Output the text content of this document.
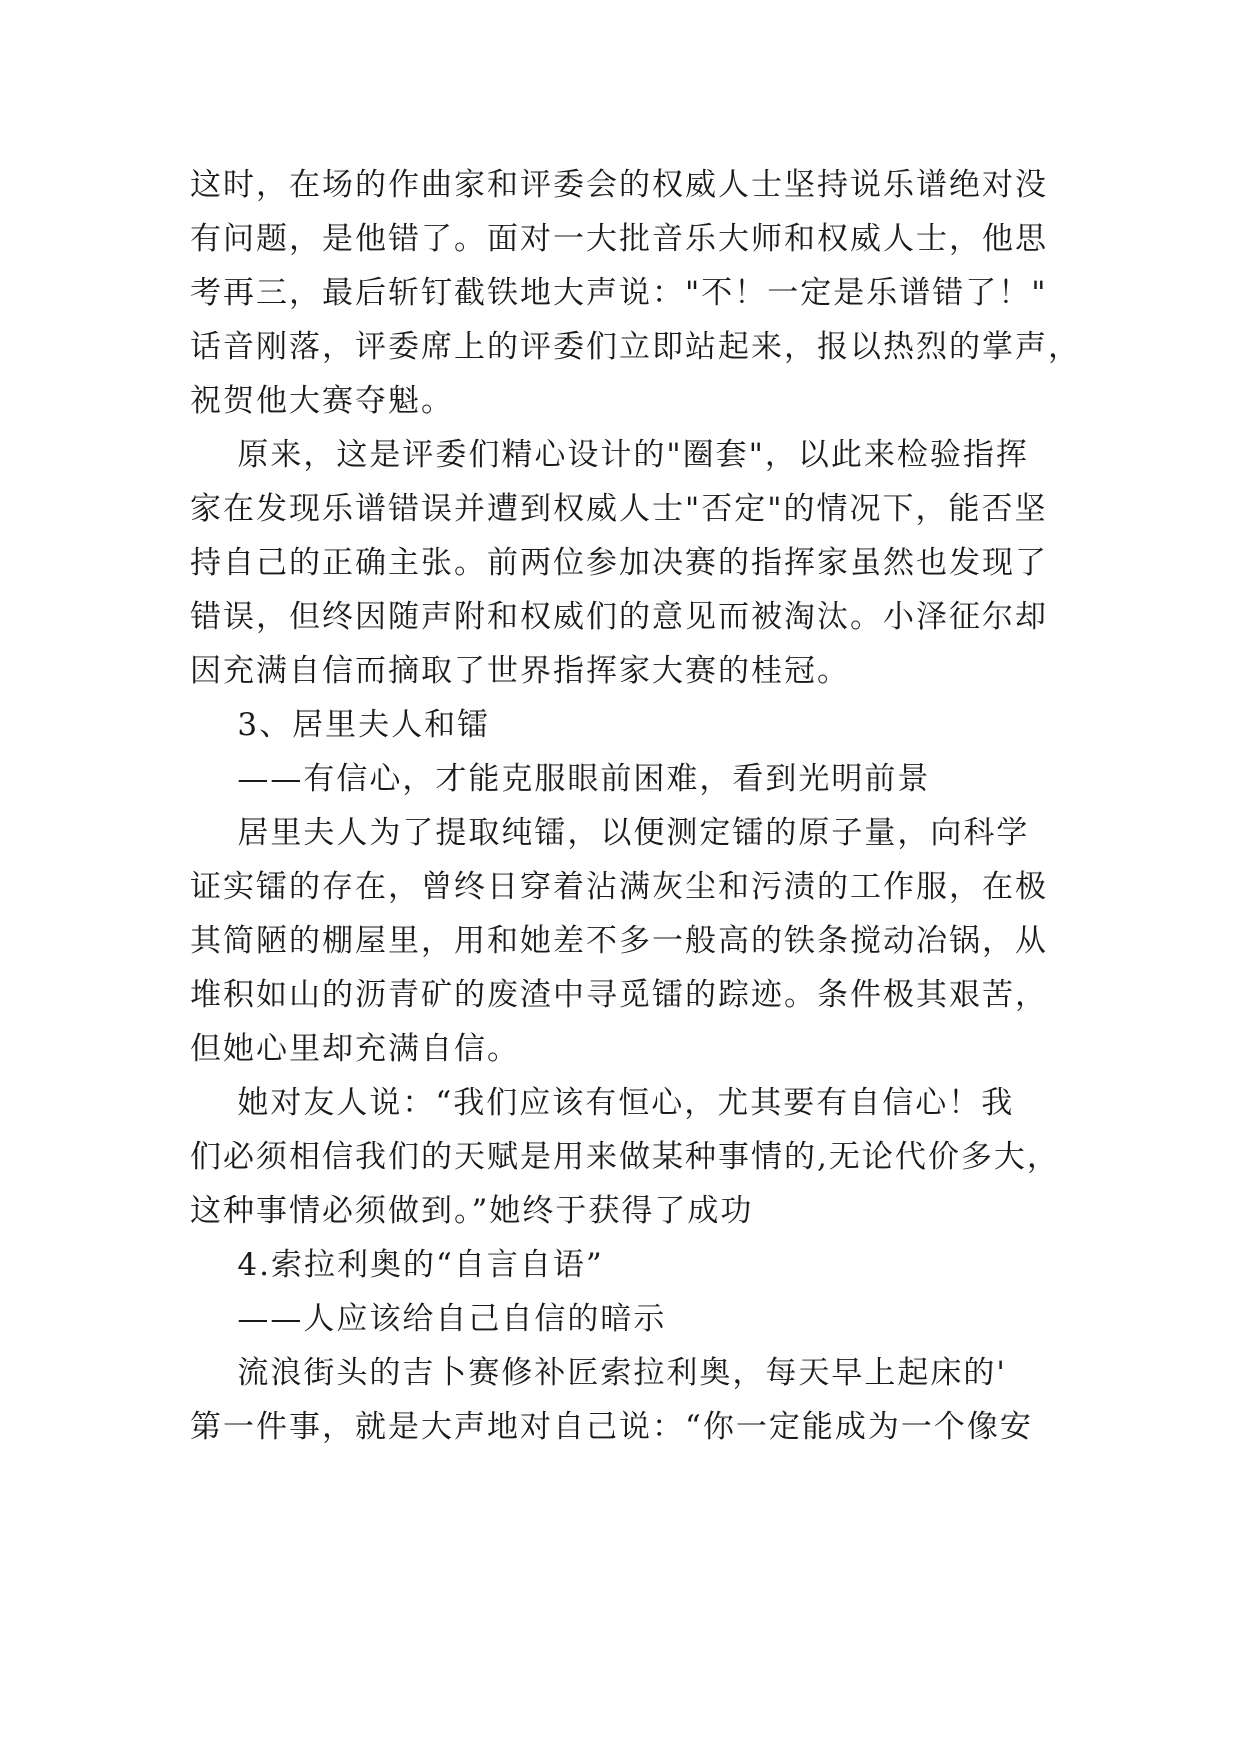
这时，在场的作曲家和评委会的权威人士坚持说乐谱绝对没
有问题，是他错了。面对一大批音乐大师和权威人士，他思
考再三，最后斩钉截铁地大声说："不！一定是乐谱错了！"
话音刚落，评委席上的评委们立即站起来，报以热烈的掌声，
祝贺他大赛夺魁。
原来，这是评委们精心设计的"圈套"，以此来检验指挥
家在发现乐谱错误并遭到权威人士"否定"的情况下，能否坚
持自己的正确主张。前两位参加决赛的指挥家虽然也发现了
错误，但终因随声附和权威们的意见而被淘汰。小泽征尔却
因充满自信而摘取了世界指挥家大赛的桂冠。
3、居里夫人和镭
——有信心，才能克服眼前困难，看到光明前景
居里夫人为了提取纯镭，以便测定镭的原子量，向科学
证实镭的存在，曾终日穿着沾满灰尘和污渍的工作服，在极
其简陋的棚屋里，用和她差不多一般高的铁条搅动冶锅，从
堆积如山的沥青矿的废渣中寻觅镭的踪迹。条件极其艰苦，
但她心里却充满自信。
她对友人说：“我们应该有恒心，尤其要有自信心！我
们必须相信我们的天赋是用来做某种事情的,无论代价多大，
这种事情必须做到。”她终于获得了成功
4.索拉利奥的“自言自语”
——人应该给自己自信的暗示
流浪街头的吉卜赛修补匠索拉利奥，每天早上起床的'
第一件事，就是大声地对自己说：“你一定能成为一个像安
